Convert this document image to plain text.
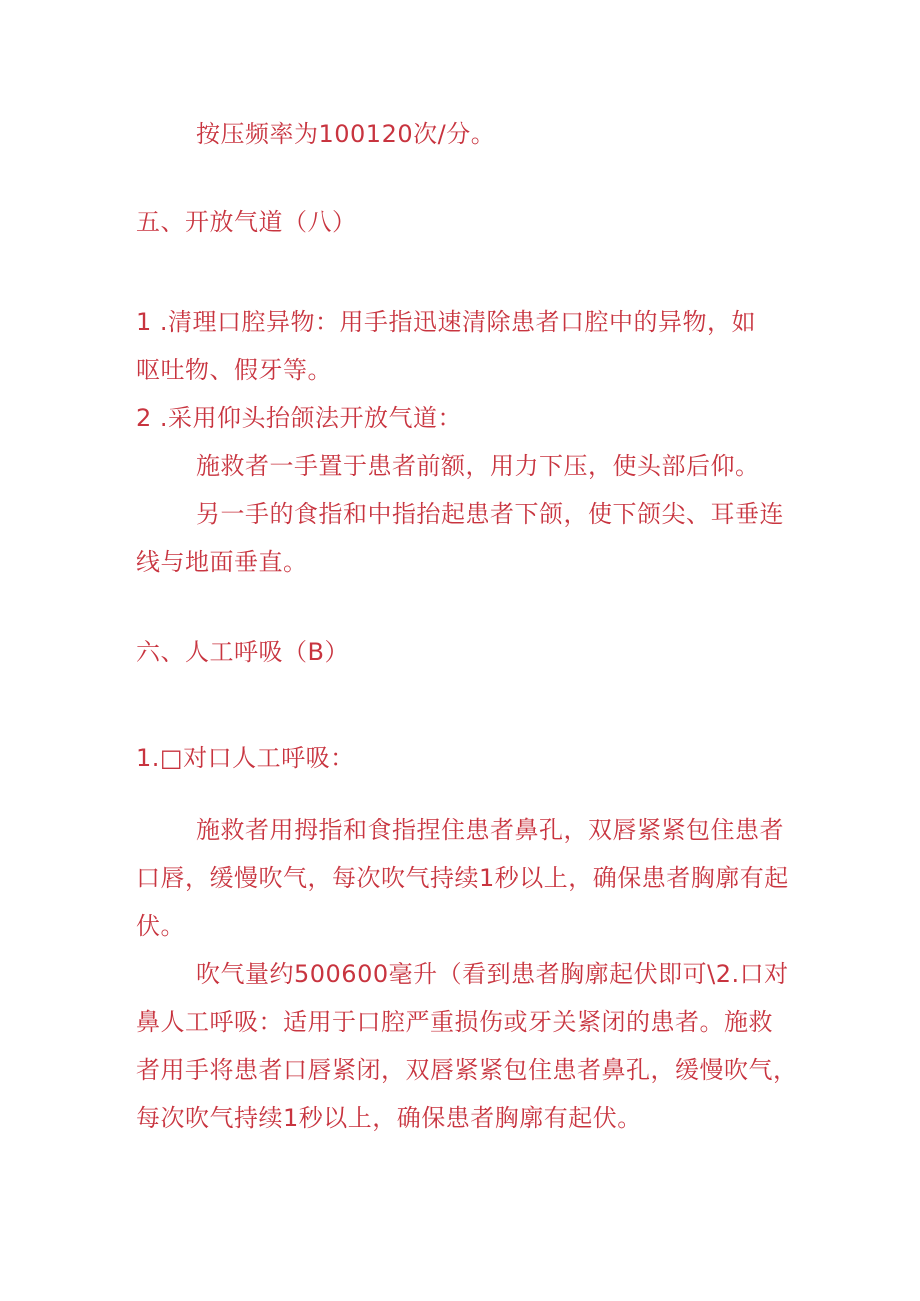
按压频率为100120次/分。
五、开放气道（八）
1 .清理口腔异物：用手指迅速清除患者口腔中的异物，如
呕吐物、假牙等。
2 .采用仰头抬颌法开放气道：
施救者一手置于患者前额，用力下压，使头部后仰。
另一手的食指和中指抬起患者下颌，使下颌尖、耳垂连
线与地面垂直。
六、人工呼吸（B）
1.□对口人工呼吸：
施救者用拇指和食指捏住患者鼻孔，双唇紧紧包住患者
口唇，缓慢吹气，每次吹气持续1秒以上，确保患者胸廓有起
伏。
吹气量约500600毫升（看到患者胸廓起伏即可\2.口对
鼻人工呼吸：适用于口腔严重损伤或牙关紧闭的患者。施救
者用手将患者口唇紧闭，双唇紧紧包住患者鼻孔，缓慢吹气，
每次吹气持续1秒以上，确保患者胸廓有起伏。
